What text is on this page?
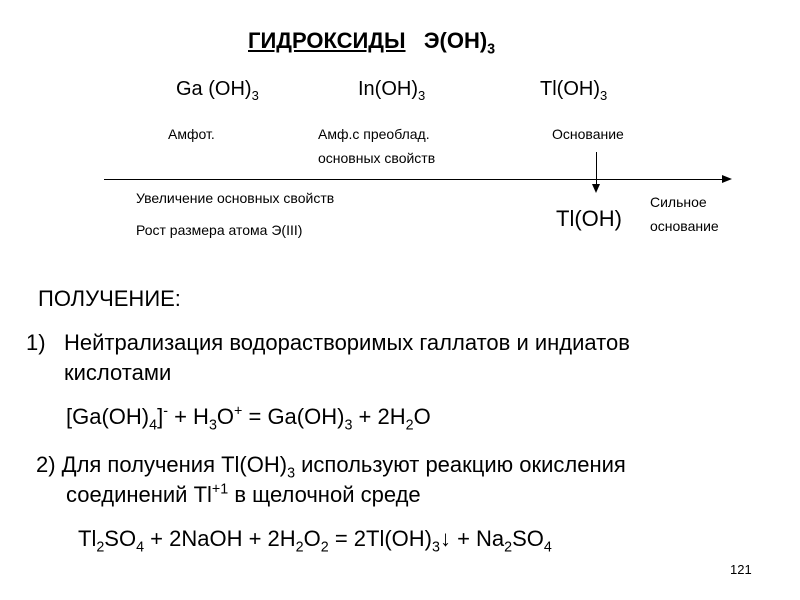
ГИДРОКСИДЫ $Э(OH)_3$
Ga $(OH)_3$	$In(OH)_3$	$Tl(OH)_3$
Амфот.	Амф.с преоблад.
основных свойств
Основание
Увеличение основных свойств
Рост размера атома Э(III)	Tl(OH)
Сильное
основание
ПОЛУЧЕНИЕ:
1) Нейтрализация водорастворимых галлатов и индиатов
кислотами
$[Ga(OH)_4]^- + H_3O^+ = Ga(OH)_3 + 2H_2O$
2) Для получения $Tl(OH)_3$ используют реакцию окисления
соединений $Tl^{+1}$ в щелочной среде
$Tl_2SO_4$ + 2NaOH + $2H_2O_2$ = $2Tl(OH)_3↓ + Na_2SO_4$
121
